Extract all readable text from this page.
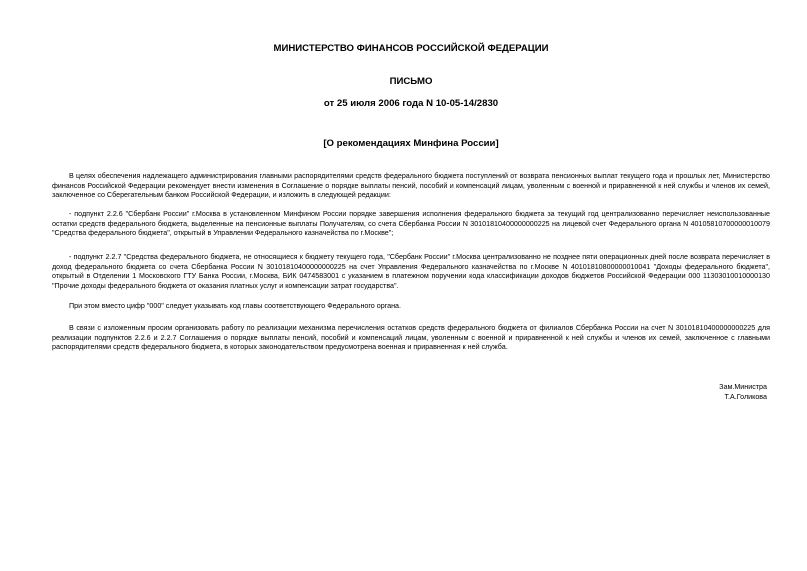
МИНИСТЕРСТВО ФИНАНСОВ РОССИЙСКОЙ ФЕДЕРАЦИИ
ПИСЬМО
от 25 июля 2006 года N 10-05-14/2830
[О рекомендациях Минфина России]

В целях обеспечения надлежащего администрирования главными распорядителями средств федерального бюджета поступлений от возврата пенсионных выплат текущего года и прошлых лет, Министерство финансов Российской Федерации рекомендует внести изменения в Соглашение о порядке выплаты пенсий, пособий и компенсаций лицам, уволенным с военной и приравненной к ней службы и членов их семей, заключенное со Сберегательным банком Российской Федерации, и изложить в следующей редакции:

- подпункт 2.2.6 "Сбербанк России" г.Москва в установленном Минфином России порядке завершения исполнения федерального бюджета за текущий год централизованно перечисляет неиспользованные остатки средств федерального бюджета, выделенные на пенсионные выплаты Получателям, со счета Сбербанка России N 30101810400000000225 на лицевой счет Федерального органа N 40105810700000010079 "Средства федерального бюджета", открытый в Управлении Федерального казначейства по г.Москве";

- подпункт 2.2.7 "Средства федерального бюджета, не относящиеся к бюджету текущего года, "Сбербанк России" г.Москва централизованно не позднее пяти операционных дней после возврата перечисляет в доход федерального бюджета со счета Сбербанка России N 30101810400000000225 на счет Управления Федерального казначейства по г.Москве N 40101810800000010041 "Доходы федерального бюджета", открытый в Отделении 1 Московского ГТУ Банка России, г.Москва, БИК 0474583001 с указанием в платежном поручении кода классификации доходов бюджетов Российской Федерации 000 11303010010000130 "Прочие доходы федерального бюджета от оказания платных услуг и компенсации затрат государства".

При этом вместо цифр "000" следует указывать код главы соответствующего Федерального органа.

В связи с изложенным просим организовать работу по реализации механизма перечисления остатков средств федерального бюджета от филиалов Сбербанка России на счет N 30101810400000000225 для реализации подпунктов 2.2.6 и 2.2.7 Соглашения о порядке выплаты пенсий, пособий и компенсаций лицам, уволенным с военной и приравненной к ней службы и членов их семей, заключенное с главными распорядителями средств федерального бюджета, в которых законодательством предусмотрена военная и приравненная к ней служба.

Зам.Министра
Т.А.Голикова
